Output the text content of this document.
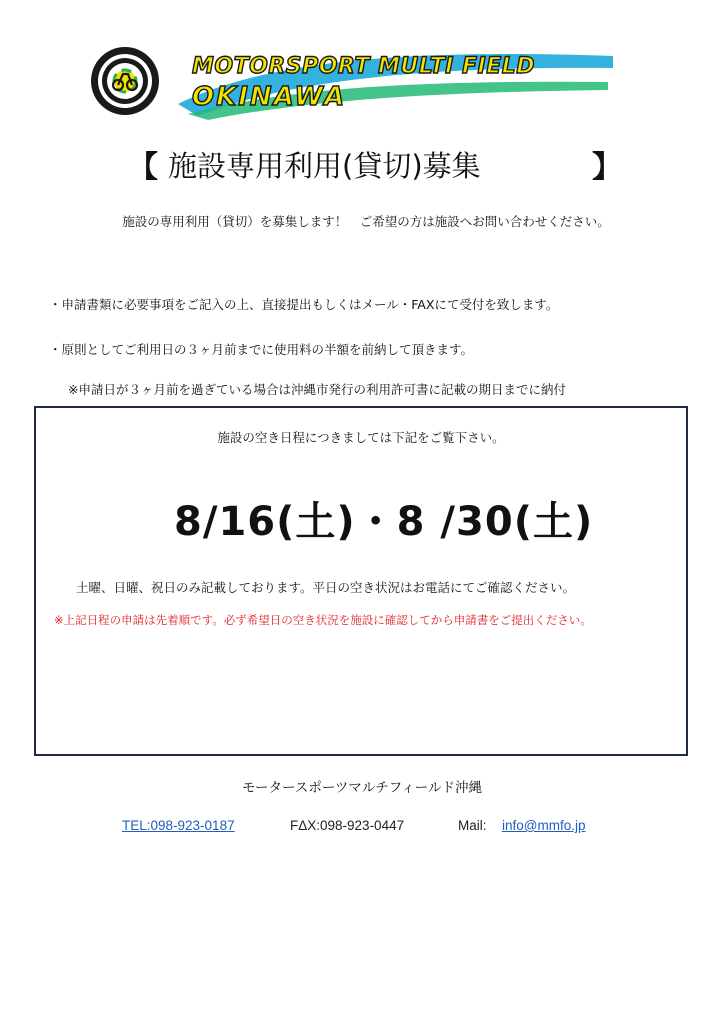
MOTORSPORT MULTI FIELD
OKINAWA
【 施設専用利用(貸切)募集	】
施設の専用利用（貸切）を募集します！　ご希望の方は施設へお問い合わせください。
・申請書類に必要事項をご記入の上、直接提出もしくはメール・FAXにて受付を致します。
・原則としてご利用日の３ヶ月前までに使用料の半額を前納して頂きます。
※申請日が３ヶ月前を過ぎている場合は沖縄市発行の利用許可書に記載の期日までに納付
施設の空き日程につきましては下記をご覧下さい。
8/16(土)・8 /30(土)
土曜、日曜、祝日のみ記載しております。平日の空き状況はお電話にてご確認ください。
※上記日程の申請は先着順です。必ず希望日の空き状況を施設に確認してから申請書をご提出ください。
モータースポーツマルチフィールド沖縄
TEL:098-923-0187	FΔX:098-923-0447	Mail: info@mmfo.jp
